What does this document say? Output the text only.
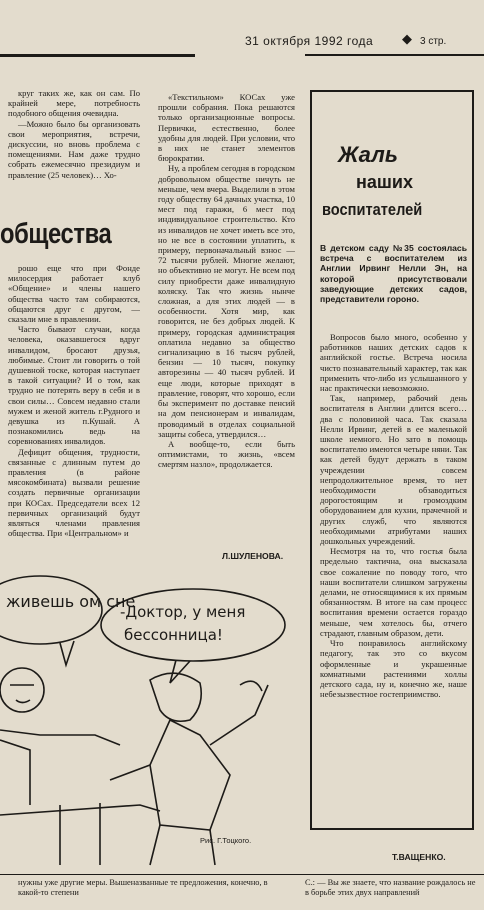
31 октября 1992 года ◆ 3 стр.

круг таких же, как он сам. По крайней мере, потребность подобного общения очевидна.

—Можно было бы организовать свои мероприятия, встречи, дискуссии, но вновь проблема с помещениями. Нам даже трудно собрать ежемесячно президиум и правление (25 человек)… Хо-

общества

рошо еще что при Фонде милосердия работает клуб «Общение» и члены нашего общества часто там собираются, общаются друг с другом, — сказали мне в правлении.

Часто бывают случаи, когда человека, оказавшегося вдруг инвалидом, бросают друзья, любимые. Стоит ли говорить о той душевной тоске, которая наступает в такой ситуации? И о том, как трудно не потерять веру в себя и в свои силы… Совсем недавно стали мужем и женой житель г.Рудного и девушка из п.Кушай. А познакомились ведь на соревнованиях инвалидов.

Дефицит общения, трудности, связанные с длинным путем до правления (в районе мясокомбината) вызвали решение создать первичные организации при КОСах. Председатели всех 12 первичных организаций будут являться членами правления общества. При «Центральном» и

«Текстильном» КОСах уже прошли собрания. Пока решаются только организационные вопросы. Первички, естественно, более удобны для людей. При условии, что в них не станет элементов бюрократии.

Ну, а проблем сегодня в городском добровольном обществе ничуть не меньше, чем вчера. Выделили в этом году обществу 64 дачных участка, 10 мест под гаражи, 6 мест под индивидуальное строительство. Кто из инвалидов не хочет иметь все это, но не все в состоянии уплатить, к примеру, первоначальный взнос — 72 тысячи рублей. Многие желают, но объективно не могут. Не всем под силу приобрести даже инвалидную коляску. Так что жизнь нынче сложная, а для этих людей — в особенности. Хотя мир, как говорится, не без добрых людей. К примеру, городская администрация оплатила недавно за общество сигнализацию в 16 тысяч рублей, бензин — 10 тысяч, покупку авторезины — 40 тысяч рублей. И еще люди, которые приходят в правление, говорят, что хорошо, если бы эксперимент по доставке пенсий на дом пенсионерам и инвалидам, проводимый в отделах социальной защиты собеса, утвердился…

А вообще-то, если быть оптимистами, то жизнь, «всем смертям назло», продолжается.

Л.ШУЛЕНОВА.
Жаль
наших
воспитателей
В детском саду №35 состоялась встреча с воспитателем из Англии Ирвинг Нелли Эн, на которой присутствовали заведующие детских садов, представители гороно.

Вопросов было много, особенно у работников наших детских садов к английской гостье. Встреча носила чисто познавательный характер, так как применить что-либо из услышанного у нас практически невозможно.

Так, например, рабочий день воспитателя в Англии длится всего… два с половиной часа. Так сказала Нелли Ирвинг, детей в ее маленькой школе немного. Но зато в помощь воспитателю имеются четыре няни. Так как детей будут держать в таком учреждении совсем непродолжительное время, то нет необходимости обзаводиться дорогостоящим и громоздким оборудованием для кухни, прачечной и других служб, что являются необходимыми атрибутами наших дошкольных учреждений.

Несмотря на то, что гостья была предельно тактична, она высказала свое сожаление по поводу того, что наши воспитатели слишком загружены делами, не относящимися к их прямым обязанностям. В итоге на сам процесс воспитания времени остается гораздо меньше, чем хотелось бы, отчего страдают, главным образом, дети.

Что понравилось английскому педагогу, так это со вкусом оформленные и украшенные комнатными растениями холлы детского сада, ну и, конечно же, наше небезызвестное гостеприимство.

Т.ВАЩЕНКО.
живешь ом сне
-Доктор, у меня
бессонница!
Рис. Г.Тоцкого.
нужны уже другие меры. Вышеназванные те предложения, конечно, в какой-то степени
С.: — Вы же знаете, что название рождалось не в борьбе этих двух направлений
